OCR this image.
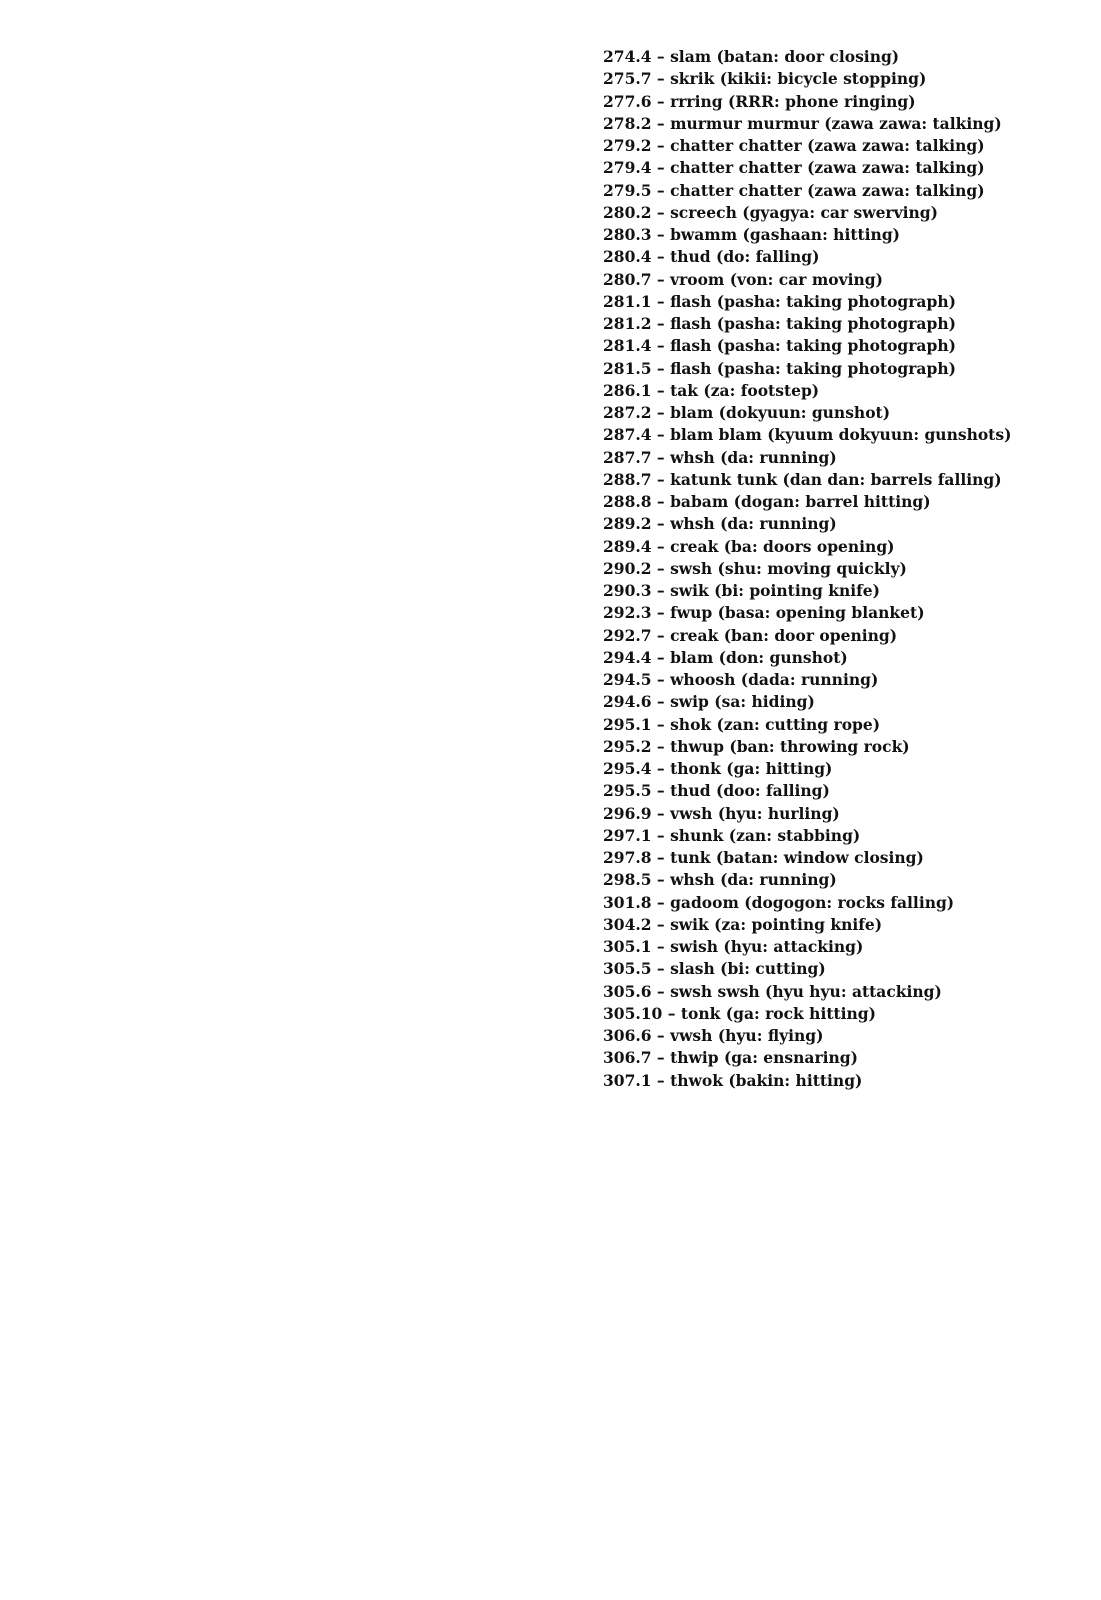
274.4 – slam (batan: door closing)
275.7 – skrik (kikii: bicycle stopping)
277.6 – rrring (RRR: phone ringing)
278.2 – murmur murmur (zawa zawa: talking)
279.2 – chatter chatter (zawa zawa: talking)
279.4 – chatter chatter (zawa zawa: talking)
279.5 – chatter chatter (zawa zawa: talking)
280.2 – screech (gyagya: car swerving)
280.3 – bwamm (gashaan: hitting)
280.4 – thud (do: falling)
280.7 – vroom (von: car moving)
281.1 – flash (pasha: taking photograph)
281.2 – flash (pasha: taking photograph)
281.4 – flash (pasha: taking photograph)
281.5 – flash (pasha: taking photograph)
286.1 – tak (za: footstep)
287.2 – blam (dokyuun: gunshot)
287.4 – blam blam (kyuum dokyuun: gunshots)
287.7 – whsh (da: running)
288.7 – katunk tunk (dan dan: barrels falling)
288.8 – babam (dogan: barrel hitting)
289.2 – whsh (da: running)
289.4 – creak (ba: doors opening)
290.2 – swsh (shu: moving quickly)
290.3 – swik (bi: pointing knife)
292.3 – fwup (basa: opening blanket)
292.7 – creak (ban: door opening)
294.4 – blam (don: gunshot)
294.5 – whoosh (dada: running)
294.6 – swip (sa: hiding)
295.1 – shok (zan: cutting rope)
295.2 – thwup (ban: throwing rock)
295.4 – thonk (ga: hitting)
295.5 – thud (doo: falling)
296.9 – vwsh (hyu: hurling)
297.1 – shunk (zan: stabbing)
297.8 – tunk (batan: window closing)
298.5 – whsh (da: running)
301.8 – gadoom (dogogon: rocks falling)
304.2 – swik (za: pointing knife)
305.1 – swish (hyu: attacking)
305.5 – slash (bi: cutting)
305.6 – swsh swsh (hyu hyu: attacking)
305.10 – tonk (ga: rock hitting)
306.6 – vwsh (hyu: flying)
306.7 – thwip (ga: ensnaring)
307.1 – thwok (bakin: hitting)
